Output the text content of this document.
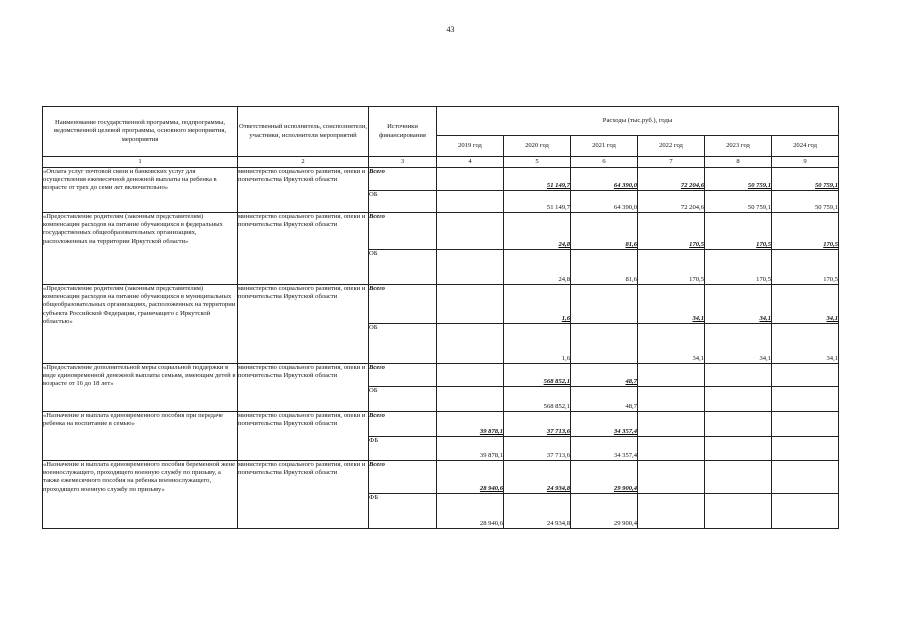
43
Наименование государственной программы, подпрограммы, ведомственной целевой программы, основного мероприятия, мероприятия	Ответственный исполнитель, соисполнители, участники, исполнители мероприятий	Источники финансирования	Расходы (тыс.руб.), годы					
			2019 год	2020 год	2021 год	2022 год	2023 год	2024 год
1	2	3	4	5	6	7	8	9
«Оплата услуг почтовой связи и банковских услуг для осуществления ежемесячной денежной выплаты на ребенка в возрасте от трех до семи лет включительно»	министерство социального развития, опеки и попечительства Иркутской области	Всего		51 149,7	64 390,0	72 204,6	50 759,1	50 759,1
		ОБ		51 149,7	64 390,0	72 204,6	50 759,1	50 759,1
«Предоставление родителям (законным представителям) компенсации расходов на питание обучающихся в федеральных государственных общеобразовательных организациях, расположенных на территории Иркутской области»	министерство социального развития, опеки и попечительства Иркутской области	Всего		24,8	81,6	170,5	170,5	170,5
		ОБ		24,8	81,6	170,5	170,5	170,5
«Предоставление родителям (законным представителям) компенсации расходов на питание обучающихся в муниципальных общеобразовательных организациях, расположенных на территории субъекта Российской Федерации, граничащего с Иркутской областью»	министерство социального развития, опеки и попечительства Иркутской области	Всего		1,6		34,1	34,1	34,1
		ОБ		1,6		34,1	34,1	34,1
«Предоставление дополнительной меры социальной поддержки в виде единовременной денежной выплаты семьям, имеющим детей в возрасте от 16 до 18 лет»	министерство социального развития, опеки и попечительства Иркутской области	Всего		568 852,1	48,7			
		ОБ		568 852,1	48,7			
«Назначение и выплата единовременного пособия при передаче ребенка на воспитание в семью»	министерство социального развития, опеки и попечительства Иркутской области	Всего	39 878,1	37 713,6	34 357,4			
		ФБ	39 878,1	37 713,6	34 357,4			
«Назначение и выплата единовременного пособия беременной жене военнослужащего, проходящего военную службу по призыву, а также ежемесячного пособия на ребенка военнослужащего, проходящего военную службу по призыву»	министерство социального развития, опеки и попечительства Иркутской области	Всего	28 940,6	24 934,8	29 900,4			
		ФБ	28 940,6	24 934,8	29 900,4			
